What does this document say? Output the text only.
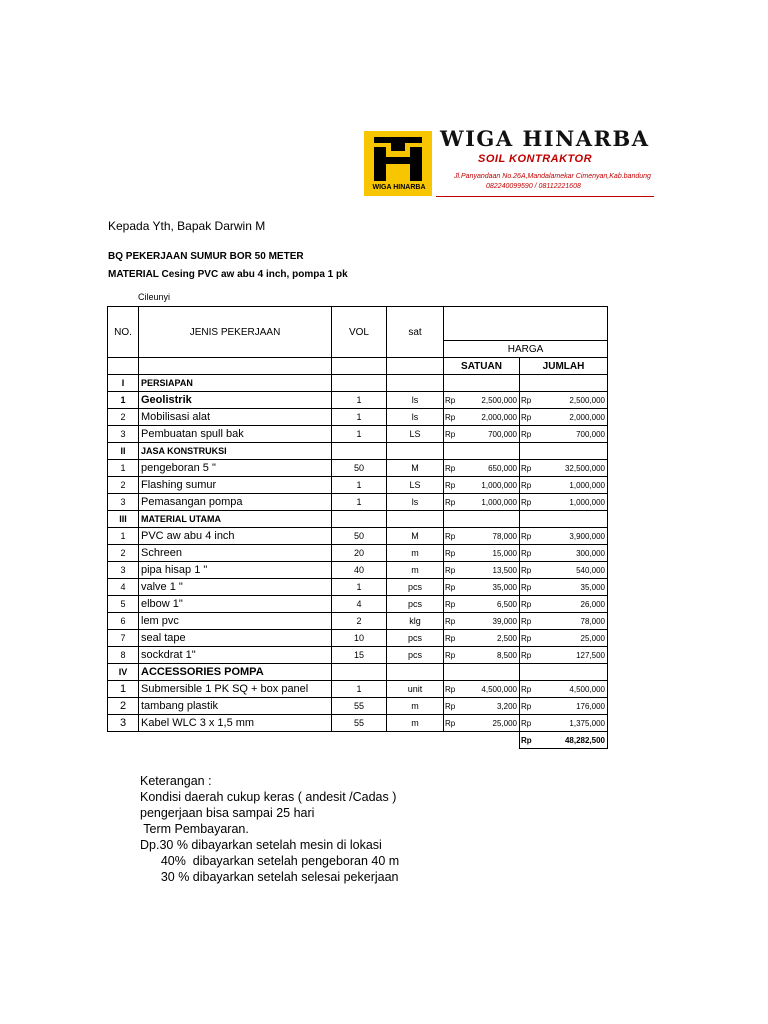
WIGA HINARBA
WIGA HINARBA
SOIL KONTRAKTOR
Jl.Panyandaan No.26A,Mandalamekar Cimenyan,Kab.bandung
082240099590 / 08112221608
Kepada Yth, Bapak Darwin M
BQ PEKERJAAN SUMUR BOR 50 METER
MATERIAL Cesing PVC aw abu 4 inch, pompa 1 pk
Cileunyi
NO.	JENIS PEKERJAAN	VOL	sat				
				HARGA			
				SATUAN		JUMLAH	
I	PERSIAPAN						
1	Geolistrik	1	ls	Rp	2,500,000	Rp	2,500,000
2	Mobilisasi alat	1	ls	Rp	2,000,000	Rp	2,000,000
3	Pembuatan spull bak	1	LS	Rp	700,000	Rp	700,000
II	JASA KONSTRUKSI						
1	pengeboran 5 "	50	M	Rp	650,000	Rp	32,500,000
2	Flashing sumur	1	LS	Rp	1,000,000	Rp	1,000,000
3	Pemasangan pompa	1	ls	Rp	1,000,000	Rp	1,000,000
III	MATERIAL UTAMA						
1	PVC aw abu 4 inch	50	M	Rp	78,000	Rp	3,900,000
2	Schreen	20	m	Rp	15,000	Rp	300,000
3	pipa hisap 1 "	40	m	Rp	13,500	Rp	540,000
4	valve 1 "	1	pcs	Rp	35,000	Rp	35,000
5	elbow 1"	4	pcs	Rp	6,500	Rp	26,000
6	lem pvc	2	klg	Rp	39,000	Rp	78,000
7	seal tape	10	pcs	Rp	2,500	Rp	25,000
8	sockdrat 1"	15	pcs	Rp	8,500	Rp	127,500
IV	ACCESSORIES POMPA						
1	Submersible 1 PK SQ + box panel	1	unit	Rp	4,500,000	Rp	4,500,000
2	tambang plastik	55	m	Rp	3,200	Rp	176,000
3	Kabel WLC 3 x 1,5 mm	55	m	Rp	25,000	Rp	1,375,000
						Rp	48,282,500
Keterangan :
Kondisi daerah cukup keras ( andesit /Cadas )
pengerjaan bisa sampai 25 hari
Term Pembayaran.
Dp.30 % dibayarkan setelah mesin di lokasi
40%  dibayarkan setelah pengeboran 40 m
30 % dibayarkan setelah selesai pekerjaan
